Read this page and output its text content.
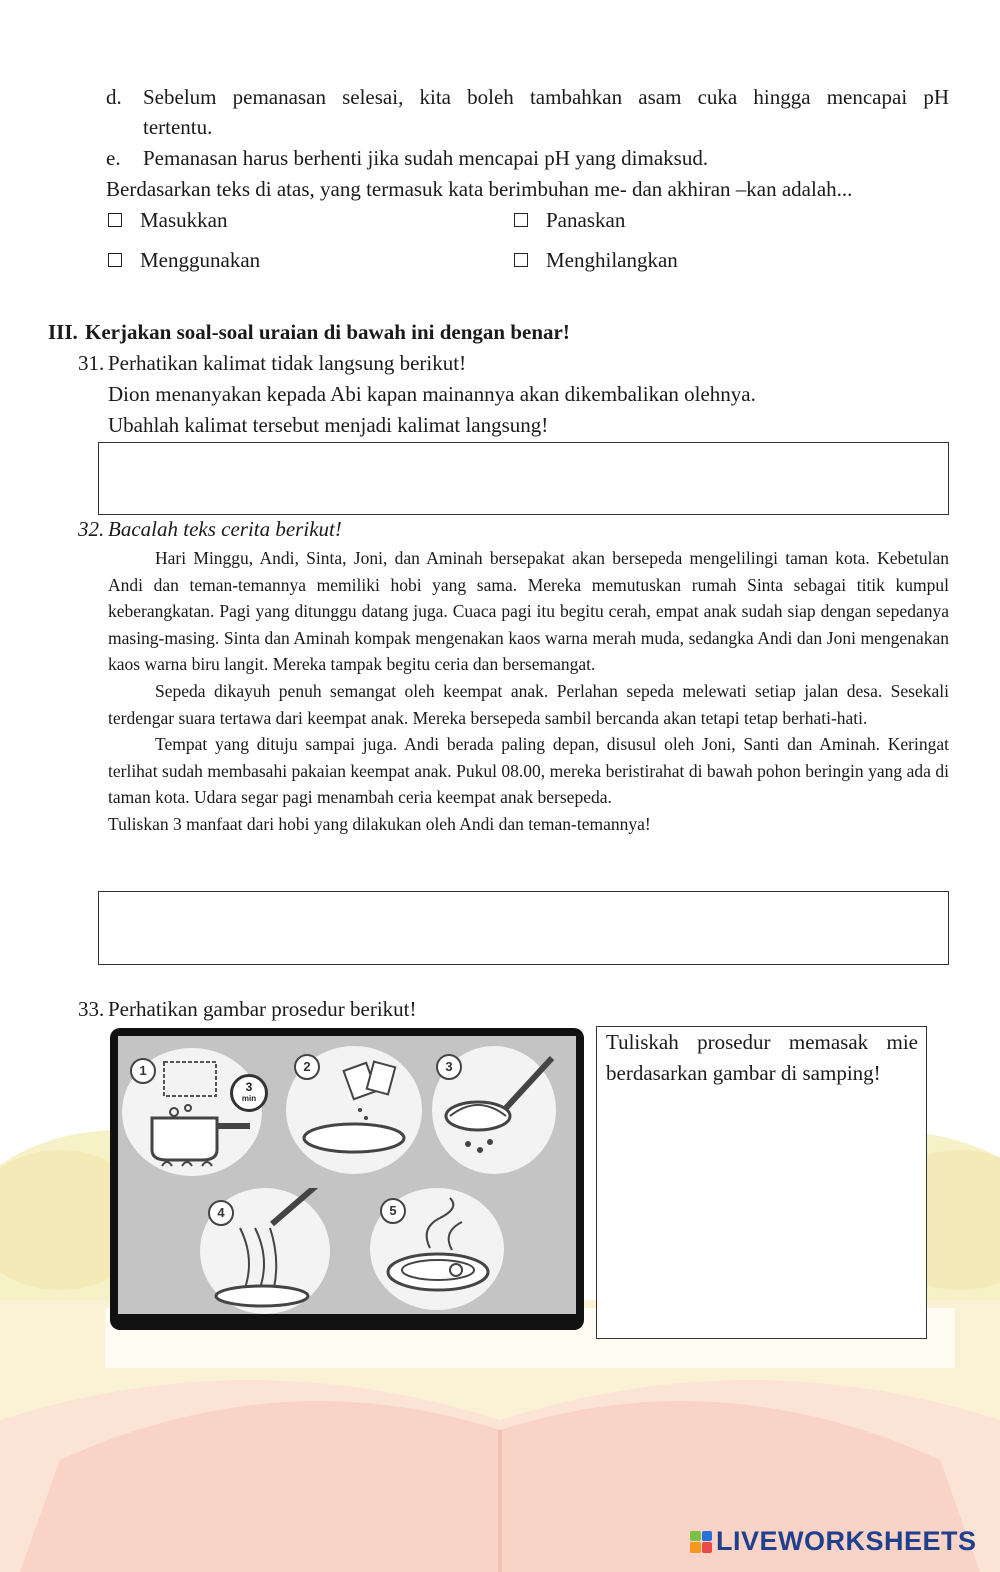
d. Sebelum pemanasan selesai, kita boleh tambahkan asam cuka hingga mencapai pH
tertentu.
e. Pemanasan harus berhenti jika sudah mencapai pH yang dimaksud.
Berdasarkan teks di atas, yang termasuk kata berimbuhan me- dan akhiran –kan adalah...
Masukkan	Panaskan
Menggunakan	Menghilangkan
III. Kerjakan soal-soal uraian di bawah ini dengan benar!
31. Perhatikan kalimat tidak langsung berikut!
Dion menanyakan kepada Abi kapan mainannya akan dikembalikan olehnya.
Ubahlah kalimat tersebut menjadi kalimat langsung!
32. Bacalah teks cerita berikut!

Hari Minggu, Andi, Sinta, Joni, dan Aminah bersepakat akan bersepeda mengelilingi taman kota. Kebetulan Andi dan teman-temannya memiliki hobi yang sama. Mereka memutuskan rumah Sinta sebagai titik kumpul keberangkatan. Pagi yang ditunggu datang juga. Cuaca pagi itu begitu cerah, empat anak sudah siap dengan sepedanya masing-masing. Sinta dan Aminah kompak mengenakan kaos warna merah muda, sedangka Andi dan Joni mengenakan kaos warna biru langit. Mereka tampak begitu ceria dan bersemangat.

Sepeda dikayuh penuh semangat oleh keempat anak. Perlahan sepeda melewati setiap jalan desa. Sesekali terdengar suara tertawa dari keempat anak. Mereka bersepeda sambil bercanda akan tetapi tetap berhati-hati.

Tempat yang dituju sampai juga. Andi berada paling depan, disusul oleh Joni, Santi dan Aminah. Keringat terlihat sudah membasahi pakaian keempat anak. Pukul 08.00, mereka beristirahat di bawah pohon beringin yang ada di taman kota. Udara segar pagi menambah ceria keempat anak bersepeda.

Tuliskan 3 manfaat dari hobi yang dilakukan oleh Andi dan teman-temannya!

33. Perhatikan gambar prosedur berikut!
1
3
min
2	3
4	5
Tuliskah prosedur memasak mie berdasarkan gambar di samping!
LIVEWORKSHEETS
